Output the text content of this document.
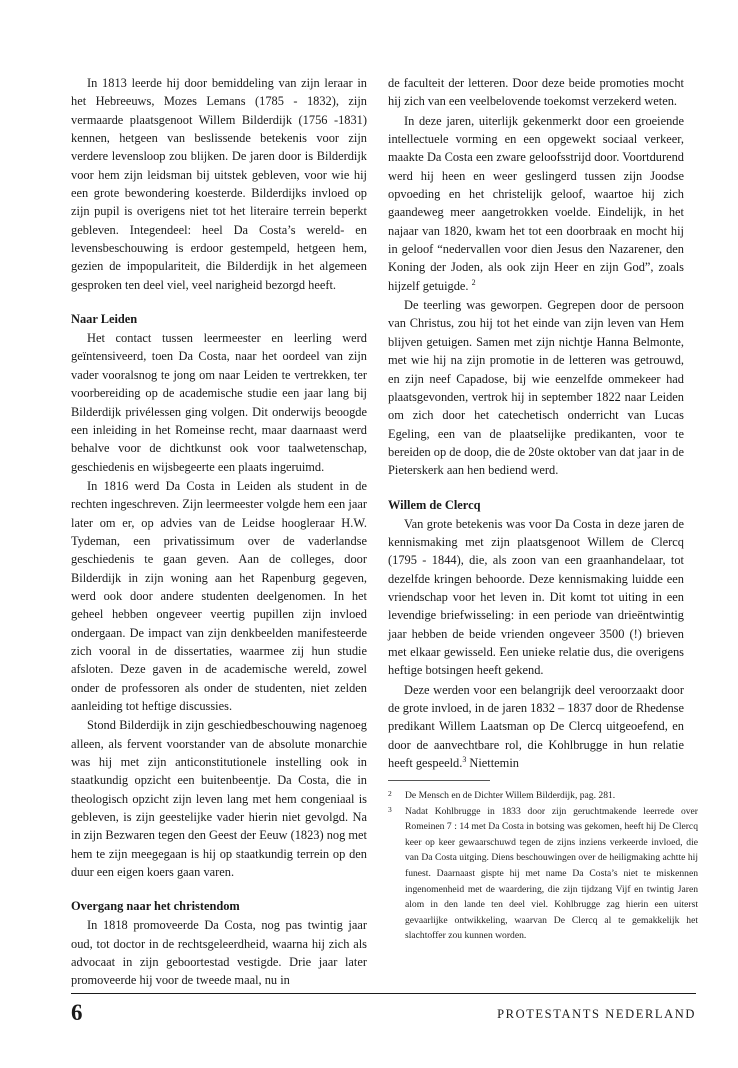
In 1813 leerde hij door bemiddeling van zijn leraar in het Hebreeuws, Mozes Lemans (1785 - 1832), zijn vermaarde plaatsgenoot Willem Bilderdijk (1756 -1831) kennen, hetgeen van beslissende betekenis voor zijn verdere levensloop zou blijken. De jaren door is Bilderdijk voor hem zijn leidsman bij uitstek gebleven, voor wie hij een grote bewondering koesterde. Bilderdijks invloed op zijn pupil is overigens niet tot het literaire terrein beperkt gebleven. Integendeel: heel Da Costa’s wereld- en levensbeschouwing is erdoor gestempeld, hetgeen hem, gezien de impopulariteit, die Bilderdijk in het algemeen gesproken ten deel viel, veel narigheid bezorgd heeft.

Naar Leiden

Het contact tussen leermeester en leerling werd geïntensiveerd, toen Da Costa, naar het oordeel van zijn vader vooralsnog te jong om naar Leiden te vertrekken, ter voorbereiding op de academische studie een jaar lang bij Bilderdijk privélessen ging volgen. Dit onderwijs beoogde een inleiding in het Romeinse recht, maar daarnaast werd behalve voor de dichtkunst ook voor taalwetenschap, geschiedenis en wijsbegeerte een plaats ingeruimd.

In 1816 werd Da Costa in Leiden als student in de rechten ingeschreven. Zijn leermeester volgde hem een jaar later om er, op advies van de Leidse hoogleraar H.W. Tydeman, een privatissimum over de vaderlandse geschiedenis te gaan geven. Aan de colleges, door Bilderdijk in zijn woning aan het Rapenburg gegeven, werd ook door andere studenten deelgenomen. In het geheel hebben ongeveer veertig pupillen zijn invloed ondergaan. De impact van zijn denkbeelden manifesteerde zich vooral in de dissertaties, waarmee zij hun studie afsloten. Deze gaven in de academische wereld, zowel onder de professoren als onder de studenten, niet zelden aanleiding tot heftige discussies.

Stond Bilderdijk in zijn geschiedbeschouwing nagenoeg alleen, als fervent voorstander van de absolute monarchie was hij met zijn anticonstitutionele instelling ook in staatkundig opzicht een buitenbeentje. Da Costa, die in theologisch opzicht zijn leven lang met hem congeniaal is gebleven, is zijn geestelijke vader hierin niet gevolgd. Na in zijn Bezwaren tegen den Geest der Eeuw (1823) nog met hem te zijn meegegaan is hij op staatkundig terrein op den duur een eigen koers gaan varen.

Overgang naar het christendom

In 1818 promoveerde Da Costa, nog pas twintig jaar oud, tot doctor in de rechtsgeleerdheid, waarna hij zich als advocaat in zijn geboortestad vestigde. Drie jaar later promoveerde hij voor de tweede maal, nu in

de faculteit der letteren. Door deze beide promoties mocht hij zich van een veelbelovende toekomst verzekerd weten.

In deze jaren, uiterlijk gekenmerkt door een groeiende intellectuele vorming en een opgewekt sociaal verkeer, maakte Da Costa een zware geloofsstrijd door. Voortdurend werd hij heen en weer geslingerd tussen zijn Joodse opvoeding en het christelijk geloof, waartoe hij zich gaandeweg meer aangetrokken voelde. Eindelijk, in het najaar van 1820, kwam het tot een doorbraak en mocht hij in geloof “nedervallen voor dien Jesus den Nazarener, den Koning der Joden, als ook zijn Heer en zijn God”, zoals hijzelf getuigde. $^2$

De teerling was geworpen. Gegrepen door de persoon van Christus, zou hij tot het einde van zijn leven van Hem blijven getuigen. Samen met zijn nichtje Hanna Belmonte, met wie hij na zijn promotie in de letteren was getrouwd, en zijn neef Capadose, bij wie eenzelfde ommekeer had plaatsgevonden, vertrok hij in september 1822 naar Leiden om zich door het catechetisch onderricht van Lucas Egeling, een van de plaatselijke predikanten, voor te bereiden op de doop, die de 20ste oktober van dat jaar in de Pieterskerk aan hen bediend werd.

Willem de Clercq

Van grote betekenis was voor Da Costa in deze jaren de kennismaking met zijn plaatsgenoot Willem de Clercq (1795 - 1844), die, als zoon van een graanhandelaar, tot dezelfde kringen behoorde. Deze kennismaking luidde een vriendschap voor het leven in. Dit komt tot uiting in een levendige briefwisseling: in een periode van drieëntwintig jaar hebben de beide vrienden ongeveer 3500 (!) brieven met elkaar gewisseld. Een unieke relatie dus, die overigens heftige botsingen heeft gekend.

Deze werden voor een belangrijk deel veroorzaakt door de grote invloed, in de jaren 1832 – 1837 door de Rhedense predikant Willem Laatsman op De Clercq uitgeoefend, en door de aanvechtbare rol, die Kohlbrugge in hun relatie heeft gespeeld.$^3$ Niettemin

2 De Mensch en de Dichter Willem Bilderdijk, pag. 281.
3 Nadat Kohlbrugge in 1833 door zijn geruchtmakende leerrede over Romeinen 7 : 14 met Da Costa in botsing was gekomen, heeft hij De Clercq keer op keer gewaarschuwd tegen de zijns inziens verkeerde invloed, die van Da Costa uitging. Diens beschouwingen over de heiligmaking achtte hij funest. Daarnaast gispte hij met name Da Costa’s niet te miskennen ingenomenheid met de waardering, die zijn tijdzang Vijf en twintig Jaren alom in den lande ten deel viel. Kohlbrugge zag hierin een uiterst gevaarlijke ontwikkeling, waarvan De Clercq al te gemakkelijk het slachtoffer zou kunnen worden.
6	PROTESTANTS NEDERLAND
